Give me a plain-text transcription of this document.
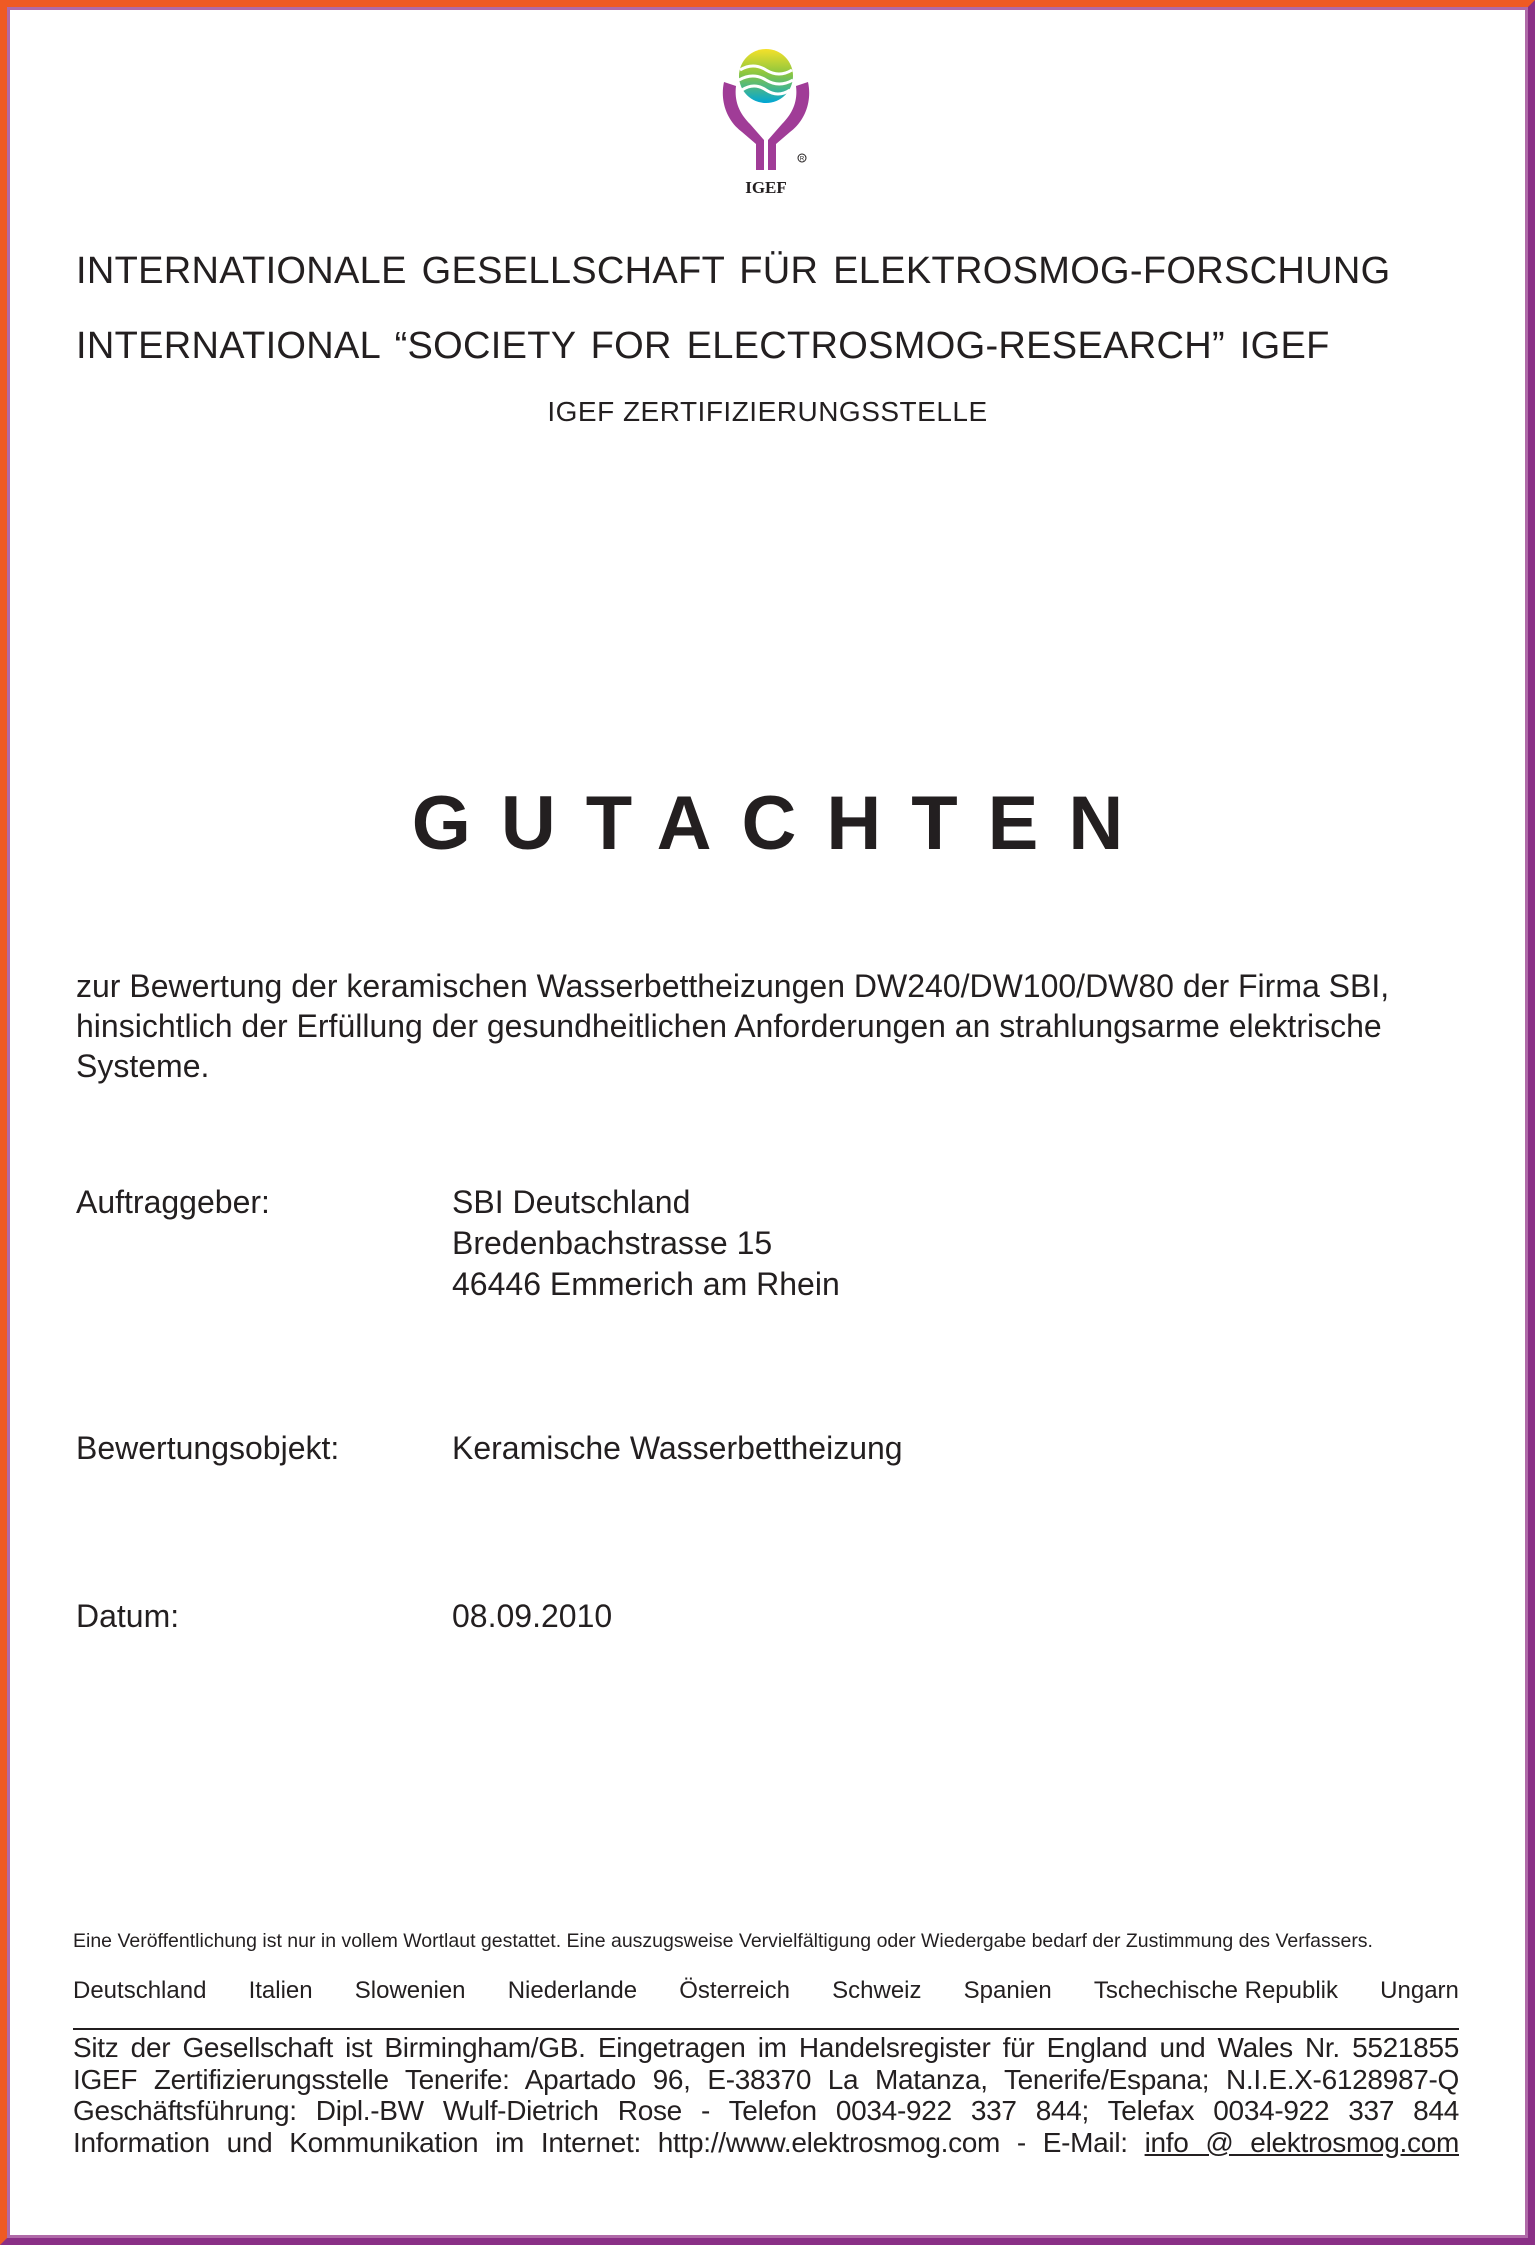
R
IGEF
INTERNATIONALE GESELLSCHAFT FÜR ELEKTROSMOG-FORSCHUNG
INTERNATIONAL “SOCIETY FOR ELECTROSMOG-RESEARCH” IGEF
IGEF ZERTIFIZIERUNGSSTELLE
GUTACHTEN
zur Bewertung der keramischen Wasserbettheizungen DW240/DW100/DW80 der Firma SBI,
hinsichtlich der Erfüllung der gesundheitlichen Anforderungen an strahlungsarme elektrische
Systeme.
Auftraggeber:	SBI Deutschland
Bredenbachstrasse 15
46446 Emmerich am Rhein
Bewertungsobjekt:	Keramische Wasserbettheizung
Datum:	08.09.2010
Eine Veröffentlichung ist nur in vollem Wortlaut gestattet. Eine auszugsweise Vervielfältigung oder Wiedergabe bedarf der Zustimmung des Verfassers.
Deutschland Italien Slowenien Niederlande Österreich Schweiz Spanien Tschechische Republik Ungarn
Sitz der Gesellschaft ist Birmingham/GB. Eingetragen im Handelsregister für England und Wales Nr. 5521855
IGEF Zertifizierungsstelle Tenerife: Apartado 96, E-38370 La Matanza, Tenerife/Espana; N.I.E.X-6128987-Q
Geschäftsführung: Dipl.-BW Wulf-Dietrich Rose - Telefon 0034-922 337 844; Telefax 0034-922 337 844
Information und Kommunikation im Internet: http://www.elektrosmog.com - E-Mail: info @ elektrosmog.com
